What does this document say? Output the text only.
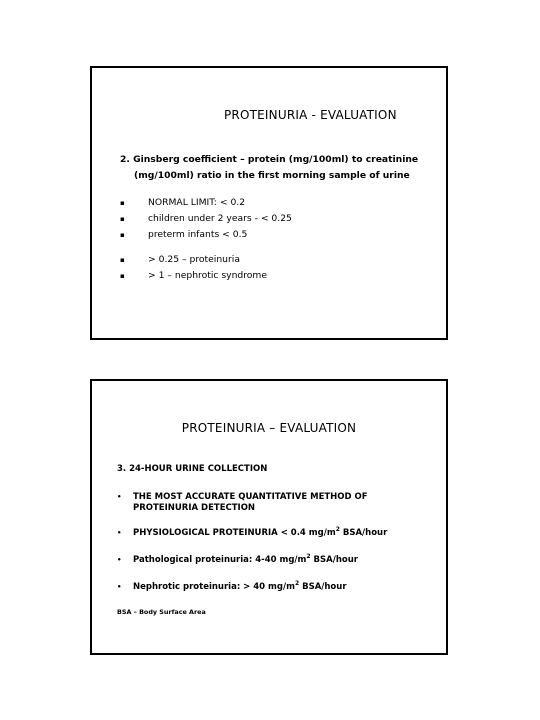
PROTEINURIA - EVALUATION
2. Ginsberg coefficient – protein (mg/100ml) to creatinine
(mg/100ml) ratio in the first morning sample of urine
▪	NORMAL LIMIT: < 0.2
▪	children under 2 years - < 0.25
▪	preterm infants < 0.5
▪	> 0.25 – proteinuria
▪	> 1 – nephrotic syndrome
PROTEINURIA – EVALUATION
3. 24-HOUR URINE COLLECTION
•	THE MOST ACCURATE QUANTITATIVE METHOD OF
PROTEINURIA DETECTION
•	PHYSIOLOGICAL PROTEINURIA < 0.4 $mg/m^2$ BSA/hour
•	Pathological proteinuria: 4-40 $mg/m^2$ BSA/hour
•	Nephrotic proteinuria: > 40 $mg/m^2$ BSA/hour
BSA – Body Surface Area
